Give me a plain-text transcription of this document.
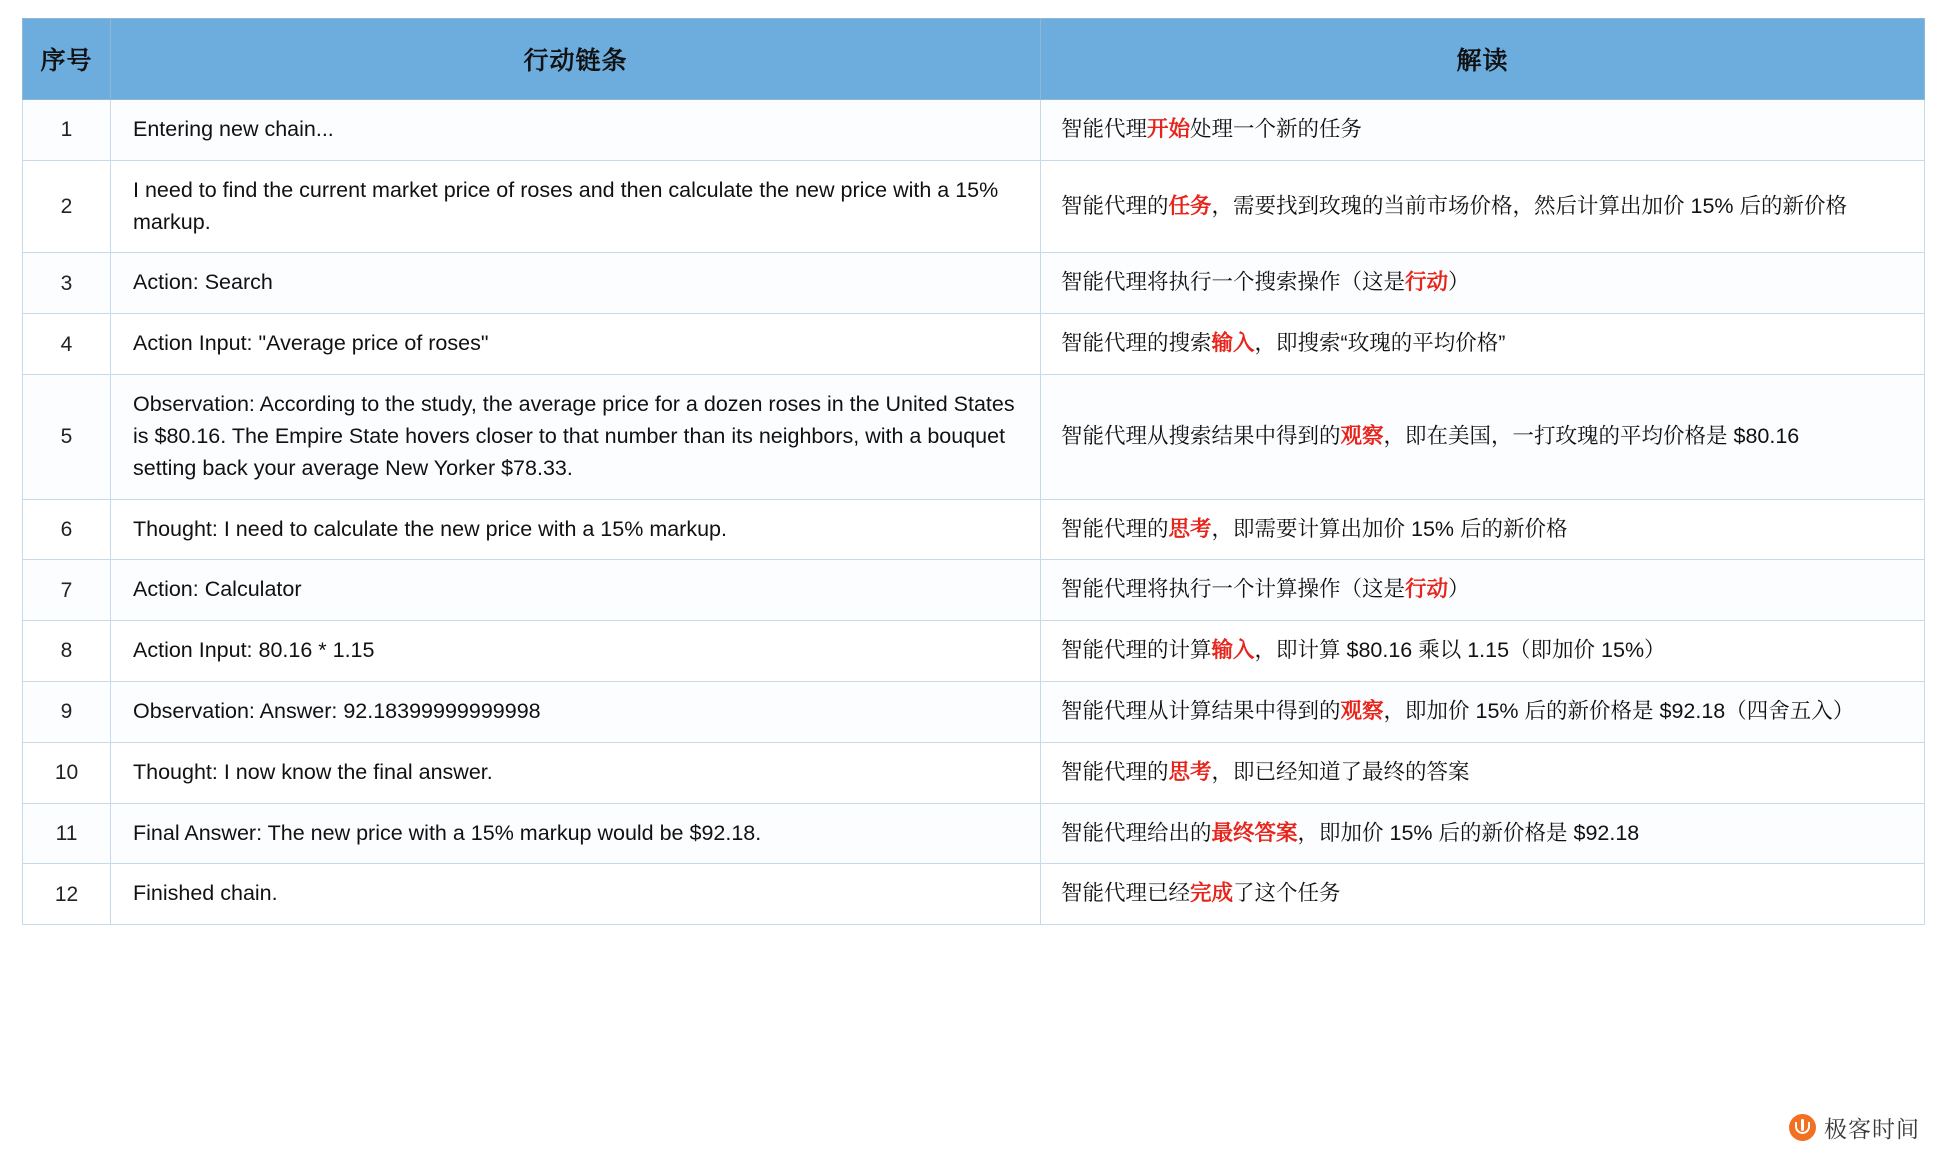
序号	行动链条	解读
1	Entering new chain...	智能代理开始处理一个新的任务
2	I need to find the current market price of roses and then calculate the new price with a 15% markup.	智能代理的任务，需要找到玫瑰的当前市场价格，然后计算出加价 15% 后的新价格
3	Action: Search	智能代理将执行一个搜索操作（这是行动）
4	Action Input: "Average price of roses"	智能代理的搜索输入，即搜索“玫瑰的平均价格”
5	Observation: According to the study, the average price for a dozen roses in the United States is $80.16. The Empire State hovers closer to that number than its neighbors, with a bouquet setting back your average New Yorker $78.33.	智能代理从搜索结果中得到的观察，即在美国，一打玫瑰的平均价格是 $80.16
6	Thought: I need to calculate the new price with a 15% markup.	智能代理的思考，即需要计算出加价 15% 后的新价格
7	Action: Calculator	智能代理将执行一个计算操作（这是行动）
8	Action Input: 80.16 * 1.15	智能代理的计算输入，即计算 $80.16 乘以 1.15（即加价 15%）
9	Observation: Answer: 92.18399999999998	智能代理从计算结果中得到的观察，即加价 15% 后的新价格是 $92.18（四舍五入）
10	Thought: I now know the final answer.	智能代理的思考，即已经知道了最终的答案
11	Final Answer: The new price with a 15% markup would be $92.18.	智能代理给出的最终答案，即加价 15% 后的新价格是 $92.18
12	Finished chain.	智能代理已经完成了这个任务
极客时间
